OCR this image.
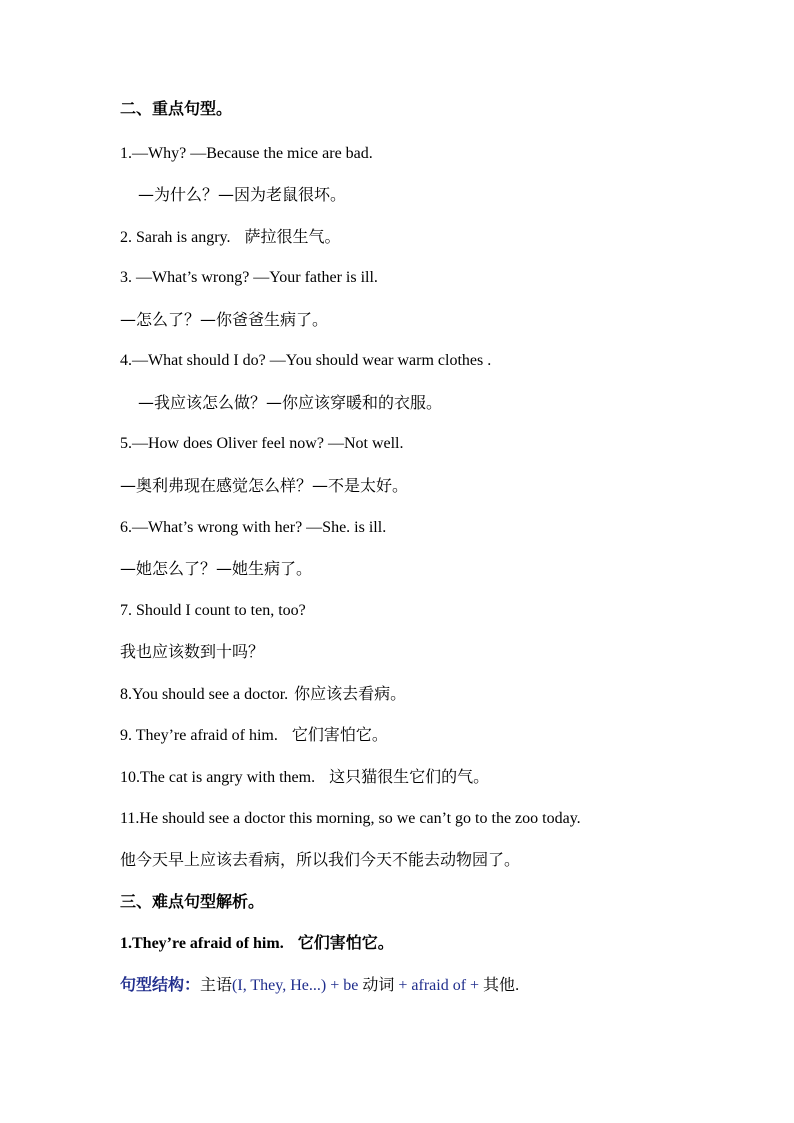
二、重点句型。
1.—Why? —Because the mice are bad.
—为什么？—因为老鼠很坏。
2. Sarah is angry. 萨拉很生气。
3. —What’s wrong? —Your father is ill.
—怎么了？—你爸爸生病了。
4.—What should I do? —You should wear warm clothes .
—我应该怎么做？—你应该穿暖和的衣服。
5.—How does Oliver feel now? —Not well.
—奥利弗现在感觉怎么样？—不是太好。
6.—What’s wrong with her? —She. is ill.
—她怎么了？—她生病了。
7. Should I count to ten, too?
我也应该数到十吗？
8.You should see a doctor. 你应该去看病。
9. They’re afraid of him. 它们害怕它。
10.The cat is angry with them. 这只猫很生它们的气。
11.He should see a doctor this morning, so we can’t go to the zoo today.
他今天早上应该去看病，所以我们今天不能去动物园了。
三、难点句型解析。
1.They’re afraid of him. 它们害怕它。
句型结构：主语(I, They, He...) + be 动词 + afraid of + 其他.
